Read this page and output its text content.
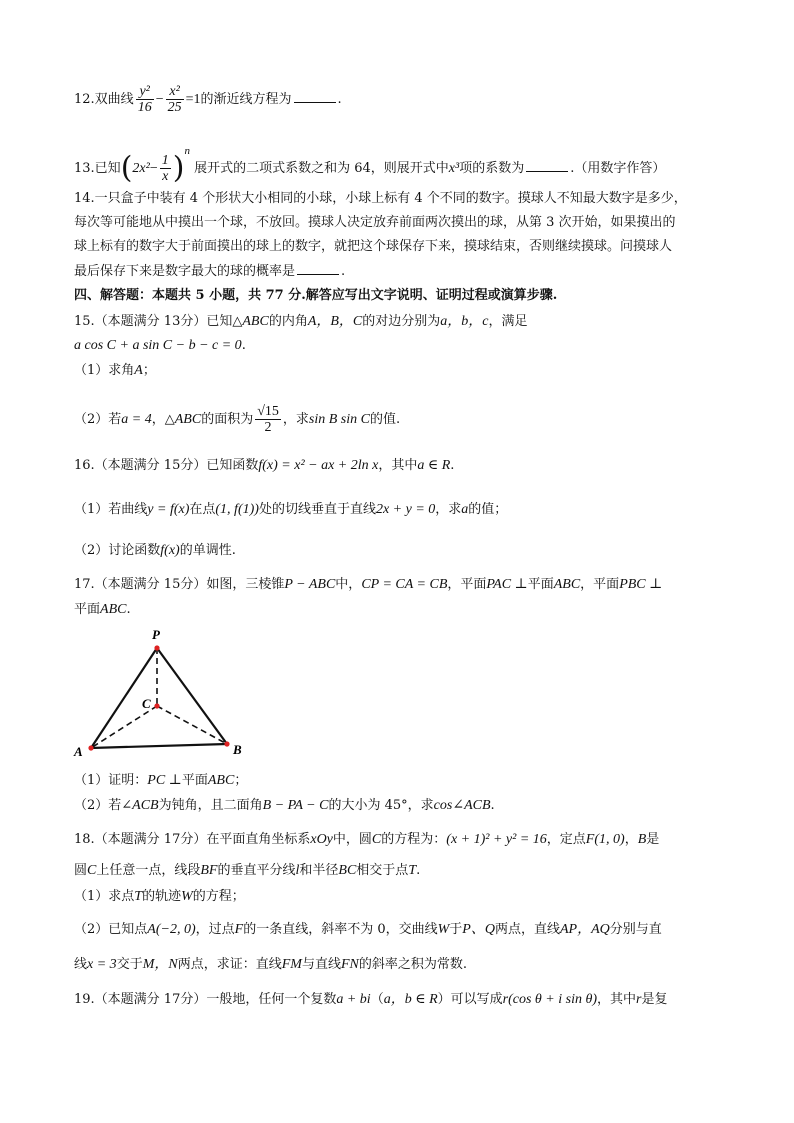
12.双曲线 $\frac{\text{y²}}{16} - \frac{\text{x²}}{25} =1$的渐近线方程为	.
13.已知$(2x^2- \frac{1}{x} )^n$ 展开式的二项式系数之和为 64，则展开式中x³项的系数为	.（用数字作答）
14.一只盒子中装有 4 个形状大小相同的小球，小球上标有 4 个不同的数字。摸球人不知最大数字是多少，
每次等可能地从中摸出一个球，不放回。摸球人决定放弃前面两次摸出的球，从第 3 次开始，如果摸出的
球上标有的数字大于前面摸出的球上的数字，就把这个球保存下来，摸球结束，否则继续摸球。问摸球人
最后保存下来是数字最大的球的概率是	.
四、解答题：本题共 5 小题，共 77 分.解答应写出文字说明、证明过程或演算步骤.
15.（本题满分 13分）已知△ABC的内角A，B，C的对边分别为a，b，c，满足
a cos C + a sin C − b − c = 0.
（1）求角A；
（2）若a = 4，△ABC的面积为 $\frac{√15}{2}$ ，求sin B sin C的值.
16.（本题满分 15分）已知函数f(x) = x² − ax + 2ln x，其中a ∈ R.
（1）若曲线y = f(x)在点(1, f(1))处的切线垂直于直线2x + y = 0，求a的值；
（2）讨论函数f(x)的单调性.
17.（本题满分 15分）如图，三棱锥P − ABC中，CP = CA = CB，平面PAC ⊥平面ABC，平面PBC ⊥
平面ABC.
P
A	B
C
（1）证明：PC ⊥平面ABC；
（2）若∠ACB为钝角，且二面角B − PA − C的大小为 45°，求cos∠ACB.
18.（本题满分 17分）在平面直角坐标系xOy中，圆C的方程为：(x + 1)² + y² = 16，定点F(1, 0)，B是
圆C上任意一点，线段BF的垂直平分线l和半径BC相交于点T.
（1）求点T的轨迹W的方程；
（2）已知点A(−2, 0)，过点F的一条直线，斜率不为 0，交曲线W于P、Q两点，直线AP，AQ分别与直
线x = 3交于M，N两点，求证：直线FM与直线FN的斜率之积为常数.
19.（本题满分 17分）一般地，任何一个复数a + bi（a，b ∈ R）可以写成r(cos θ + i sin θ)，其中r是复
